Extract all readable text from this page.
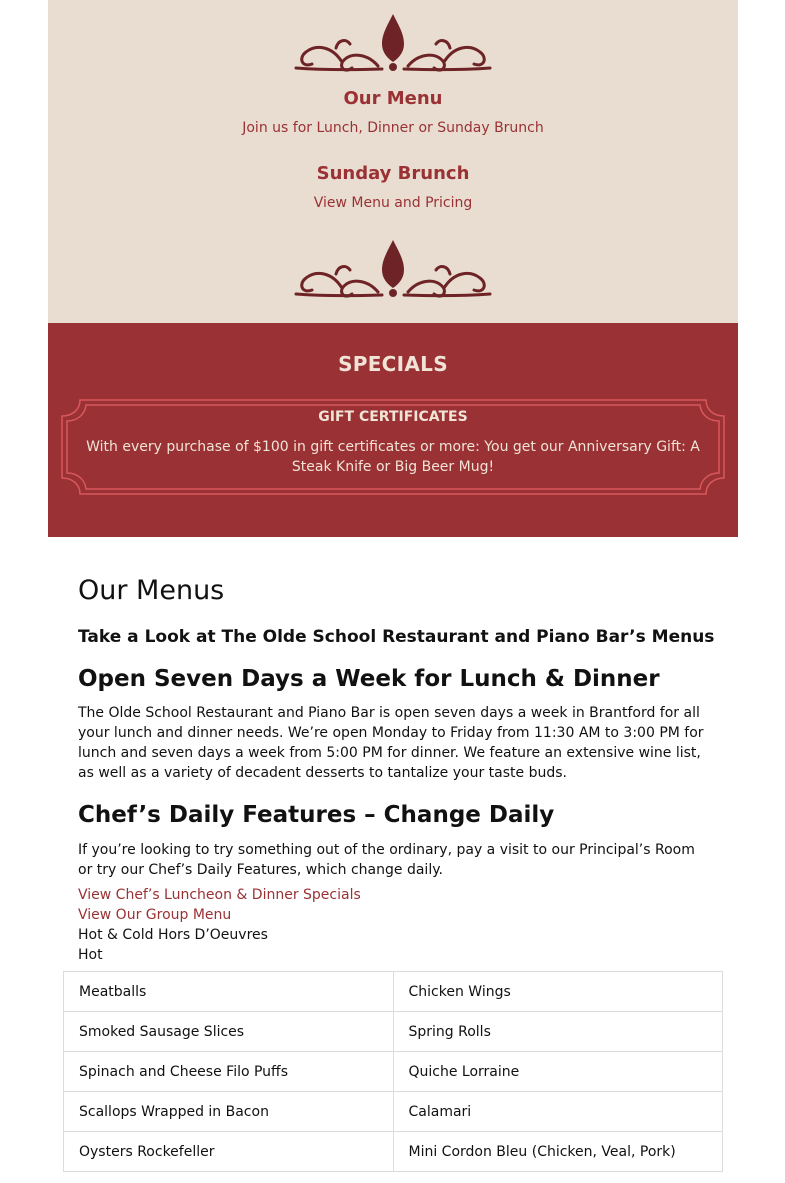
Our Menu
Join us for Lunch, Dinner or Sunday Brunch
Sunday Brunch
View Menu and Pricing
SPECIALS
GIFT CERTIFICATES
With every purchase of $100 in gift certificates or more: You get our Anniversary Gift: A Steak Knife or Big Beer Mug!
Our Menus
Take a Look at The Olde School Restaurant and Piano Bar’s Menus
Open Seven Days a Week for Lunch & Dinner
The Olde School Restaurant and Piano Bar is open seven days a week in Brantford for all your lunch and dinner needs. We’re open Monday to Friday from 11:30 AM to 3:00 PM for lunch and seven days a week from 5:00 PM for dinner. We feature an extensive wine list, as well as a variety of decadent desserts to tantalize your taste buds.
Chef’s Daily Features – Change Daily
If you’re looking to try something out of the ordinary, pay a visit to our Principal’s Room or try our Chef’s Daily Features, which change daily.
View Chef’s Luncheon & Dinner Specials
View Our Group Menu
Hot & Cold Hors D’Oeuvres
Hot
Meatballs	Chicken Wings
Smoked Sausage Slices	Spring Rolls
Spinach and Cheese Filo Puffs	Quiche Lorraine
Scallops Wrapped in Bacon	Calamari
Oysters Rockefeller	Mini Cordon Bleu (Chicken, Veal, Pork)
